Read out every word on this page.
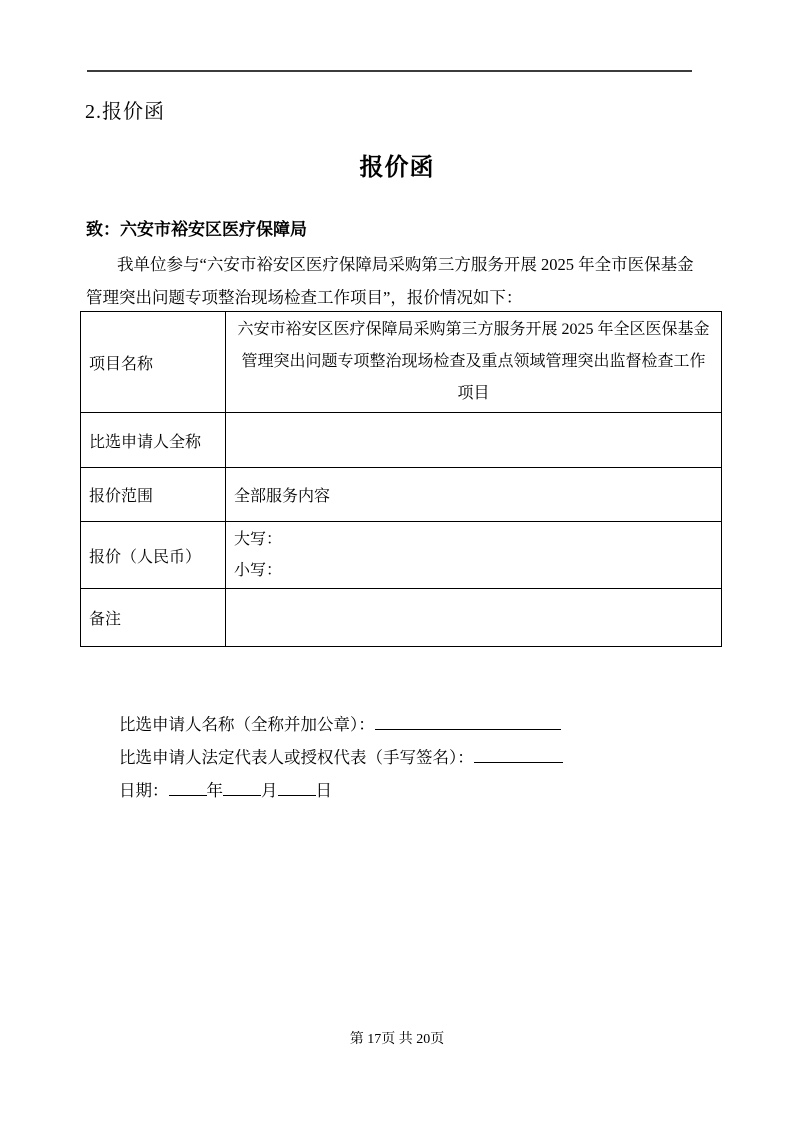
2.报价函
报价函
致：六安市裕安区医疗保障局
我单位参与“六安市裕安区医疗保障局采购第三方服务开展 2025 年全市医保基金
管理突出问题专项整治现场检查工作项目”，报价情况如下：
项目名称	六安市裕安区医疗保障局采购第三方服务开展 2025 年全区医保基金管理突出问题专项整治现场检查及重点领域管理突出监督检查工作项目
比选申请人全称	
报价范围	全部服务内容
报价（人民币）	大写：
小写：

备注	
比选申请人名称（全称并加公章）：
比选申请人法定代表人或授权代表（手写签名）：
日期： 年 月 日
第 17页 共 20页
